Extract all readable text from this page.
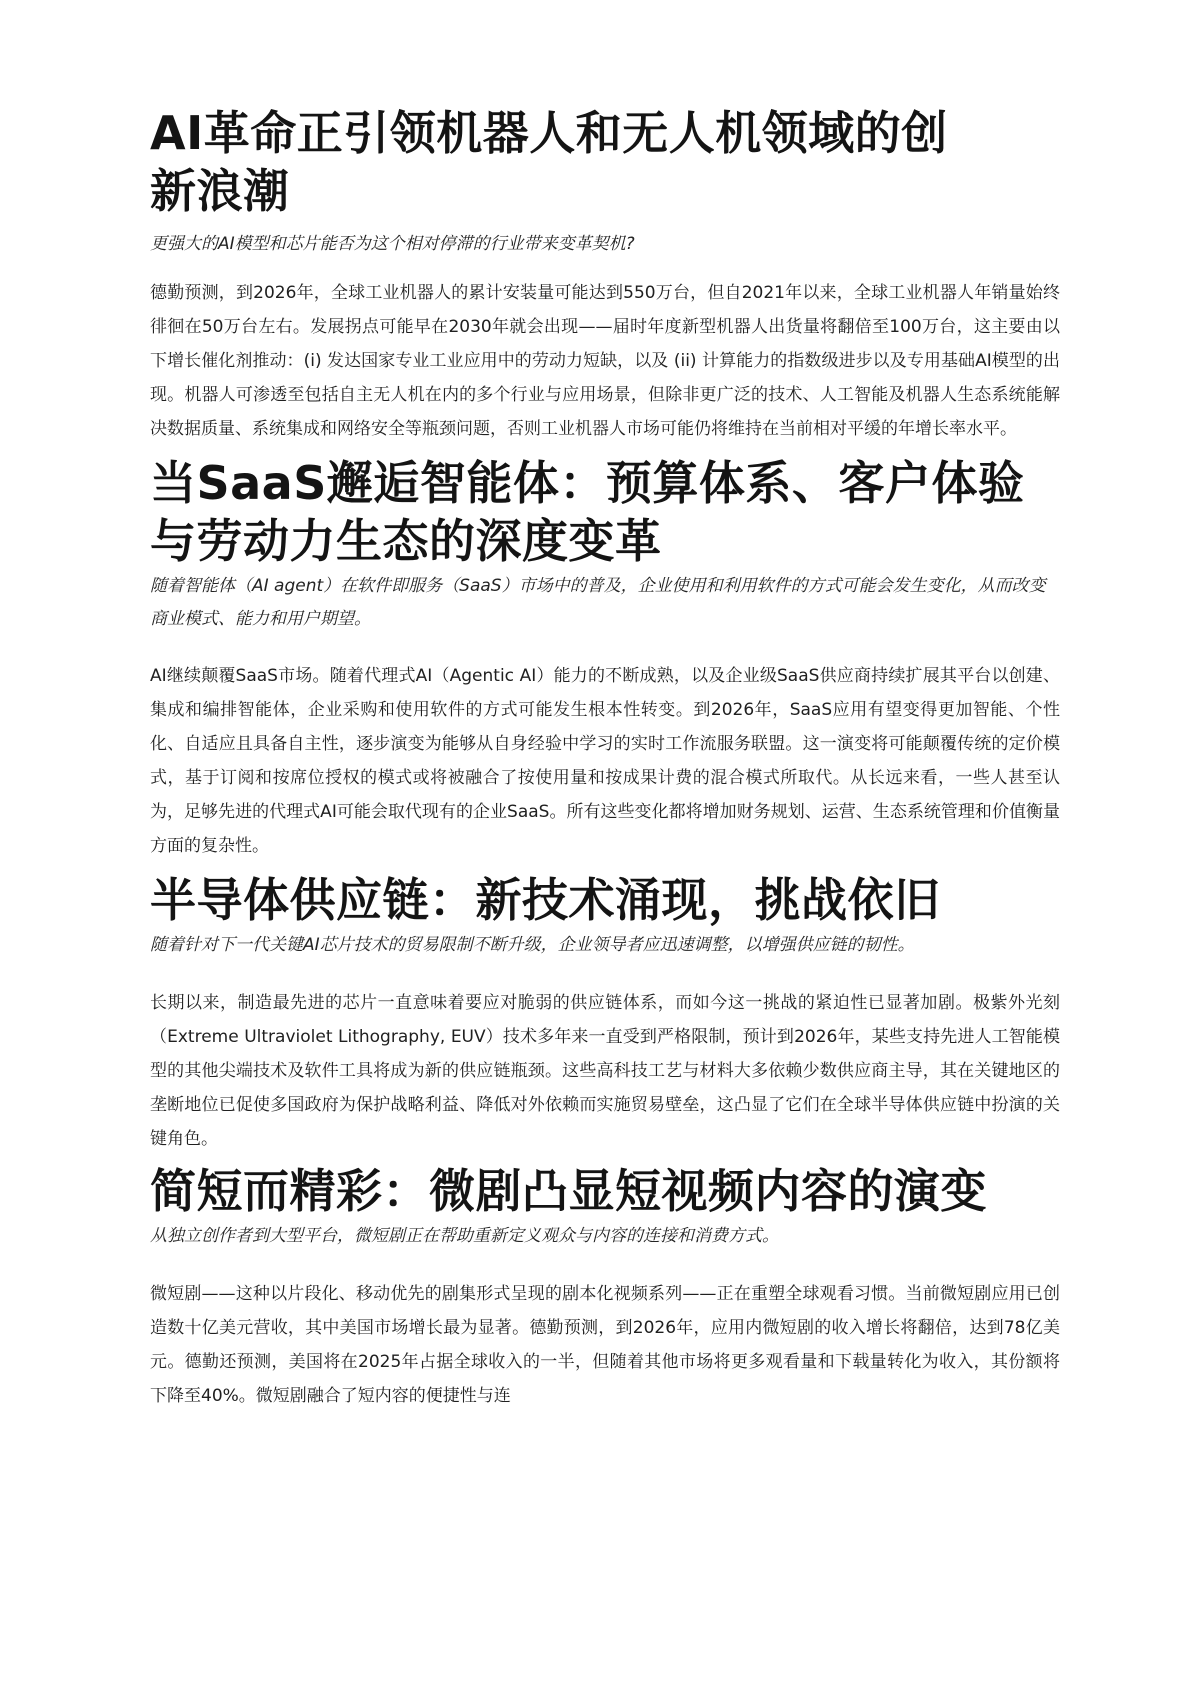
AI革命正引领机器人和无人机领域的创新浪潮

更强大的AI模型和芯片能否为这个相对停滞的行业带来变革契机?

德勤预测，到2026年，全球工业机器人的累计安装量可能达到550万台，但自2021年以来，全球工业机器人年销量始终徘徊在50万台左右。发展拐点可能早在2030年就会出现——届时年度新型机器人出货量将翻倍至100万台，这主要由以下增长催化剂推动：(i) 发达国家专业工业应用中的劳动力短缺，以及 (ii) 计算能力的指数级进步以及专用基础AI模型的出现。机器人可渗透至包括自主无人机在内的多个行业与应用场景，但除非更广泛的技术、人工智能及机器人生态系统能解决数据质量、系统集成和网络安全等瓶颈问题，否则工业机器人市场可能仍将维持在当前相对平缓的年增长率水平。

当SaaS邂逅智能体：预算体系、客户体验与劳动力生态的深度变革

随着智能体（AI agent）在软件即服务（SaaS）市场中的普及，企业使用和利用软件的方式可能会发生变化，从而改变商业模式、能力和用户期望。

AI继续颠覆SaaS市场。随着代理式AI（Agentic AI）能力的不断成熟，以及企业级SaaS供应商持续扩展其平台以创建、集成和编排智能体，企业采购和使用软件的方式可能发生根本性转变。到2026年，SaaS应用有望变得更加智能、个性化、自适应且具备自主性，逐步演变为能够从自身经验中学习的实时工作流服务联盟。这一演变将可能颠覆传统的定价模式，基于订阅和按席位授权的模式或将被融合了按使用量和按成果计费的混合模式所取代。从长远来看，一些人甚至认为，足够先进的代理式AI可能会取代现有的企业SaaS。所有这些变化都将增加财务规划、运营、生态系统管理和价值衡量方面的复杂性。

半导体供应链：新技术涌现，挑战依旧

随着针对下一代关键AI芯片技术的贸易限制不断升级，企业领导者应迅速调整，以增强供应链的韧性。

长期以来，制造最先进的芯片一直意味着要应对脆弱的供应链体系，而如今这一挑战的紧迫性已显著加剧。极紫外光刻（Extreme Ultraviolet Lithography, EUV）技术多年来一直受到严格限制，预计到2026年，某些支持先进人工智能模型的其他尖端技术及软件工具将成为新的供应链瓶颈。这些高科技工艺与材料大多依赖少数供应商主导，其在关键地区的垄断地位已促使多国政府为保护战略利益、降低对外依赖而实施贸易壁垒，这凸显了它们在全球半导体供应链中扮演的关键角色。

简短而精彩：微剧凸显短视频内容的演变

从独立创作者到大型平台，微短剧正在帮助重新定义观众与内容的连接和消费方式。

微短剧——这种以片段化、移动优先的剧集形式呈现的剧本化视频系列——正在重塑全球观看习惯。当前微短剧应用已创造数十亿美元营收，其中美国市场增长最为显著。德勤预测，到2026年，应用内微短剧的收入增长将翻倍，达到78亿美元。德勤还预测，美国将在2025年占据全球收入的一半，但随着其他市场将更多观看量和下载量转化为收入，其份额将下降至40%。微短剧融合了短内容的便捷性与连
